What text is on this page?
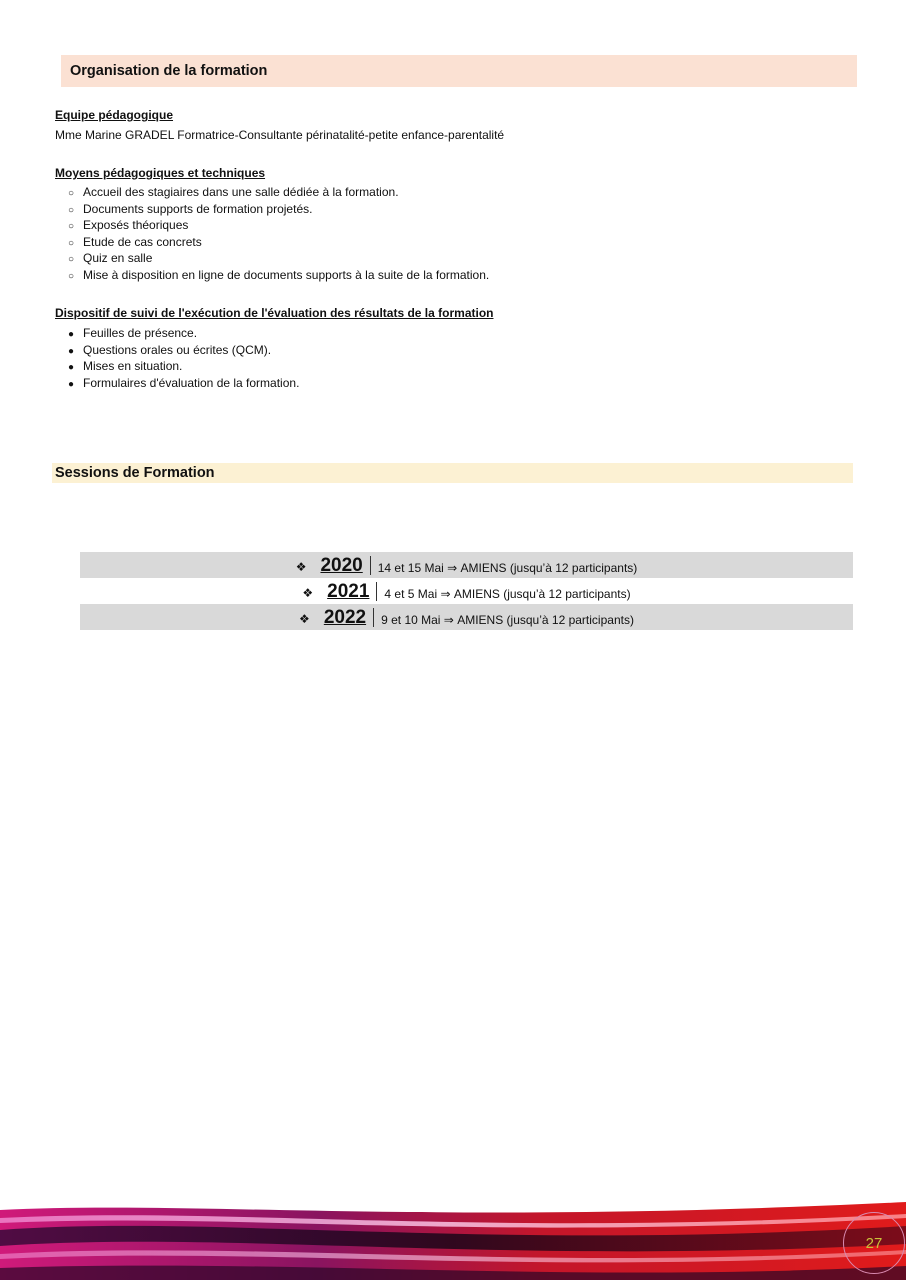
Organisation de la formation
Equipe pédagogique
Mme Marine GRADEL Formatrice-Consultante périnatalité-petite enfance-parentalité
Moyens pédagogiques et techniques
○ Accueil des stagiaires dans une salle dédiée à la formation.
○ Documents supports de formation projetés.
○ Exposés théoriques
○ Etude de cas concrets
○ Quiz en salle
○ Mise à disposition en ligne de documents supports à la suite de la formation.
Dispositif de suivi de l'exécution de l'évaluation des résultats de la formation
● Feuilles de présence.
● Questions orales ou écrites (QCM).
● Mises en situation.
● Formulaires d'évaluation de la formation.
Sessions de Formation
❖ 2020 14 et 15 Mai ⇒ AMIENS (jusqu’à 12 participants)
❖ 2021 4 et 5 Mai ⇒ AMIENS (jusqu’à 12 participants)
❖ 2022 9 et 10 Mai ⇒ AMIENS (jusqu’à 12 participants)
27
